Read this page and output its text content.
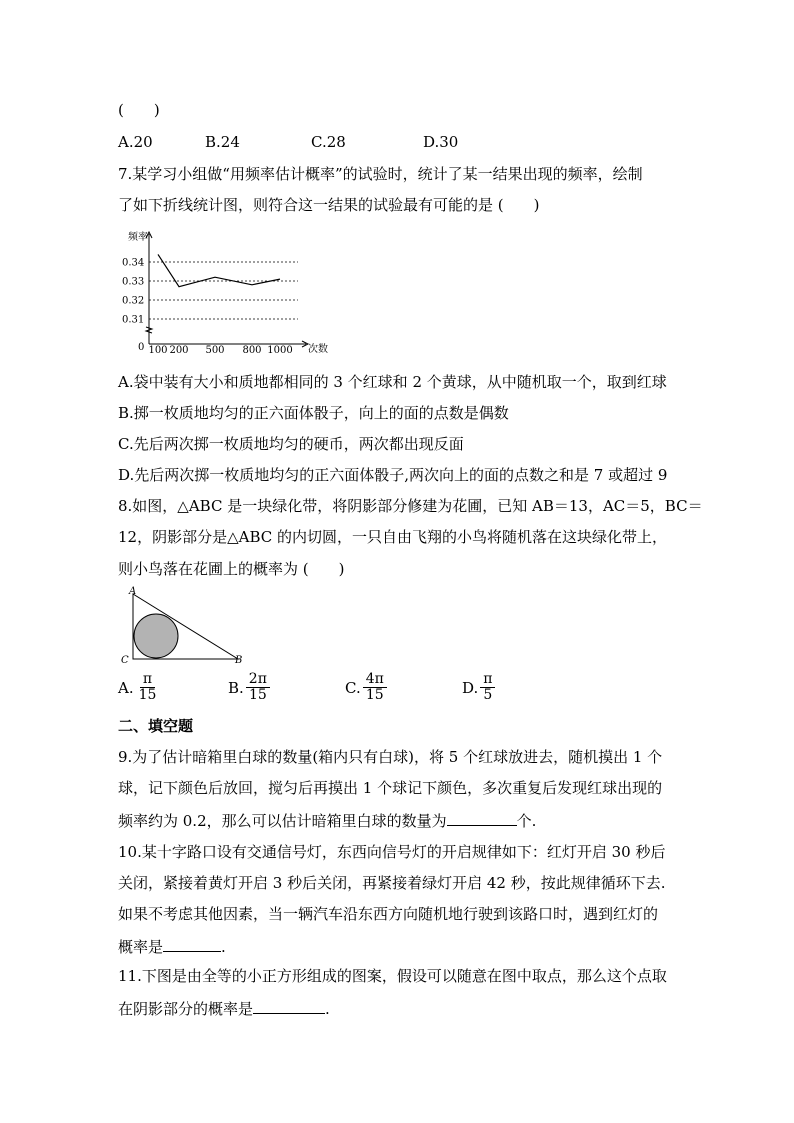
(　　)
A.20	B.24	C.28	D.30
7.某学习小组做“用频率估计概率”的试验时，统计了某一结果出现的频率，绘制
了如下折线统计图，则符合这一结果的试验最有可能的是 (　　)
频率
次数
0
0.34
0.33
0.32
0.31
100 200 500 800 1000
A.袋中装有大小和质地都相同的 3 个红球和 2 个黄球，从中随机取一个，取到红球
B.掷一枚质地均匀的正六面体骰子，向上的面的点数是偶数
C.先后两次掷一枚质地均匀的硬币，两次都出现反面
D.先后两次掷一枚质地均匀的正六面体骰子,两次向上的面的点数之和是 7 或超过 9
8.如图，△ABC 是一块绿化带，将阴影部分修建为花圃，已知 AB＝13，AC＝5，BC＝
12，阴影部分是△ABC 的内切圆，一只自由飞翔的小鸟将随机落在这块绿化带上，
则小鸟落在花圃上的概率为 (　　)
A
C	B
A. $\frac{\pi}{15}$	B. $\frac{2\pi}{15}$	C. $\frac{4\pi}{15}$	D. $\frac{\pi}{5}$
二、填空题
9.为了估计暗箱里白球的数量(箱内只有白球)，将 5 个红球放进去，随机摸出 1 个
球，记下颜色后放回，搅匀后再摸出 1 个球记下颜色，多次重复后发现红球出现的
频率约为 0.2，那么可以估计暗箱里白球的数量为	个.
10.某十字路口设有交通信号灯，东西向信号灯的开启规律如下：红灯开启 30 秒后
关闭，紧接着黄灯开启 3 秒后关闭，再紧接着绿灯开启 42 秒，按此规律循环下去.
如果不考虑其他因素，当一辆汽车沿东西方向随机地行驶到该路口时，遇到红灯的
概率是	.
11.下图是由全等的小正方形组成的图案，假设可以随意在图中取点，那么这个点取
在阴影部分的概率是	.
